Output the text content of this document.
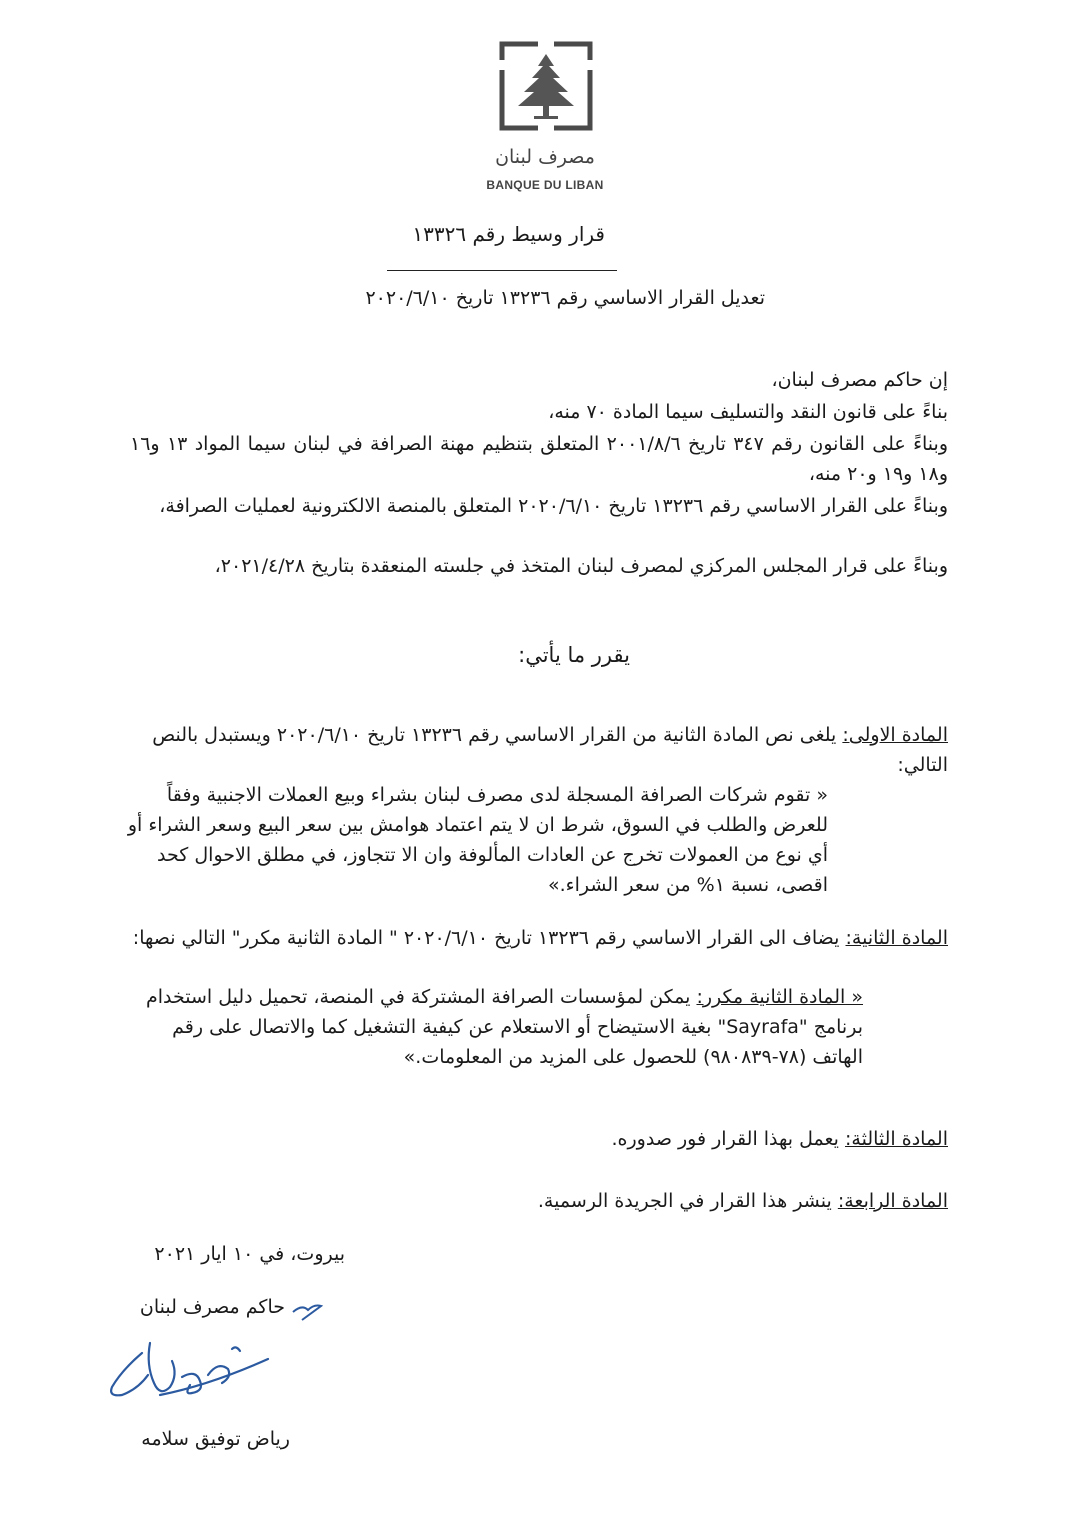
مصرف لبنان
BANQUE DU LIBAN
قرار وسيط رقم ١٣٣٢٦
تعديل القرار الاساسي رقم ١٣٢٣٦ تاريخ ٢٠٢٠/٦/١٠
إن حاكم مصرف لبنان،
بناءً على قانون النقد والتسليف سيما المادة ٧٠ منه،
وبناءً على القانون رقم ٣٤٧ تاريخ ٢٠٠١/٨/٦ المتعلق بتنظيم مهنة الصرافة في لبنان سيما المواد ١٣ و١٦ و١٨ و١٩ و٢٠ منه،
وبناءً على القرار الاساسي رقم ١٣٢٣٦ تاريخ ٢٠٢٠/٦/١٠ المتعلق بالمنصة الالكترونية لعمليات الصرافة،
وبناءً على قرار المجلس المركزي لمصرف لبنان المتخذ في جلسته المنعقدة بتاريخ ٢٠٢١/٤/٢٨،
يقرر ما يأتي:
المادة الاولى: يلغى نص المادة الثانية من القرار الاساسي رقم ١٣٢٣٦ تاريخ ٢٠٢٠/٦/١٠ ويستبدل بالنص التالي:
« تقوم شركات الصرافة المسجلة لدى مصرف لبنان بشراء وبيع العملات الاجنبية وفقاً للعرض والطلب في السوق، شرط ان لا يتم اعتماد هوامش بين سعر البيع وسعر الشراء أو أي نوع من العمولات تخرج عن العادات المألوفة وان الا تتجاوز، في مطلق الاحوال كحد اقصى، نسبة ١% من سعر الشراء.»
المادة الثانية: يضاف الى القرار الاساسي رقم ١٣٢٣٦ تاريخ ٢٠٢٠/٦/١٠ " المادة الثانية مكرر" التالي نصها:
« المادة الثانية مكرر: يمكن لمؤسسات الصرافة المشتركة في المنصة، تحميل دليل استخدام برنامج "Sayrafa" بغية الاستيضاح أو الاستعلام عن كيفية التشغيل كما والاتصال على رقم الهاتف (٧٨-٩٨٠٨٣٩) للحصول على المزيد من المعلومات.»
المادة الثالثة: يعمل بهذا القرار فور صدوره.
المادة الرابعة: ينشر هذا القرار في الجريدة الرسمية.
بيروت، في ١٠ ايار ٢٠٢١
حاكم مصرف لبنان
رياض توفيق سلامه
